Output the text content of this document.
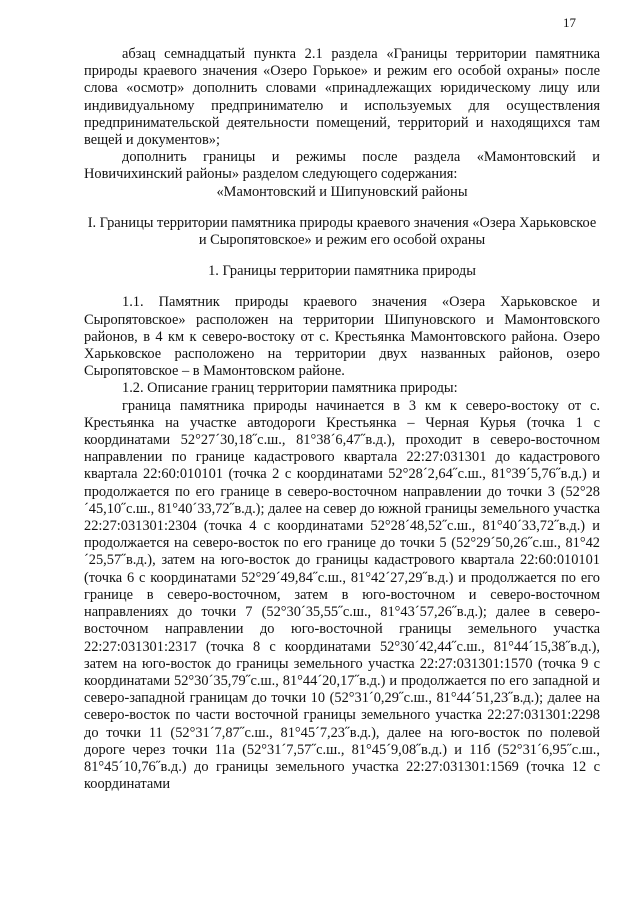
17

абзац семнадцатый пункта 2.1 раздела «Границы территории памятника природы краевого значения «Озеро Горькое» и режим его особой охраны» после слова «осмотр» дополнить словами «принадлежащих юридическому лицу или индивидуальному предпринимателю и используемых для осуществления предпринимательской деятельности помещений, территорий и находящихся там вещей и документов»;

дополнить границы и режимы после раздела «Мамонтовский и Новичихинский районы» разделом следующего содержания:

«Мамонтовский и Шипуновский районы

I. Границы территории памятника природы краевого значения «Озера Харьковское и Сыропятовское» и режим его особой охраны

1. Границы территории памятника природы

1.1. Памятник природы краевого значения «Озера Харьковское и Сыропятовское» расположен на территории Шипуновского и Мамонтовского районов, в 4 км к северо-востоку от с. Крестьянка Мамонтовского района. Озеро Харьковское расположено на территории двух названных районов, озеро Сыропятовское – в Мамонтовском районе.

1.2. Описание границ территории памятника природы:

граница памятника природы начинается в 3 км к северо-востоку от с. Крестьянка на участке автодороги Крестьянка – Черная Курья (точка 1 с координатами 52°27´30,18˝с.ш., 81°38´6,47˝в.д.), проходит в северо-восточном направлении по границе кадастрового квартала 22:27:031301 до кадастрового квартала 22:60:010101 (точка 2 с координатами 52°28´2,64˝с.ш., 81°39´5,76˝в.д.) и продолжается по его границе в северо-восточном направлении до точки 3 (52°28´45,10˝с.ш., 81°40´33,72˝в.д.); далее на север до южной границы земельного участка 22:27:031301:2304 (точка 4 с координатами 52°28´48,52˝с.ш., 81°40´33,72˝в.д.) и продолжается на северо-восток по его границе до точки 5 (52°29´50,26˝с.ш., 81°42´25,57˝в.д.), затем на юго-восток до границы кадастрового квартала 22:60:010101 (точка 6 с координатами 52°29´49,84˝с.ш., 81°42´27,29˝в.д.) и продолжается по его границе в северо-восточном, затем в юго-восточном и северо-восточном направлениях до точки 7 (52°30´35,55˝с.ш., 81°43´57,26˝в.д.); далее в северо-восточном направлении до юго-восточной границы земельного участка 22:27:031301:2317 (точка 8 с координатами 52°30´42,44˝с.ш., 81°44´15,38˝в.д.), затем на юго-восток до границы земельного участка 22:27:031301:1570 (точка 9 с координатами 52°30´35,79˝с.ш., 81°44´20,17˝в.д.) и продолжается по его западной и северо-западной границам до точки 10 (52°31´0,29˝с.ш., 81°44´51,23˝в.д.); далее на северо-восток по части восточной границы земельного участка 22:27:031301:2298 до точки 11 (52°31´7,87˝с.ш., 81°45´7,23˝в.д.), далее на юго-восток по полевой дороге через точки 11а (52°31´7,57˝с.ш., 81°45´9,08˝в.д.) и 11б (52°31´6,95˝с.ш., 81°45´10,76˝в.д.) до границы земельного участка 22:27:031301:1569 (точка 12 с координатами
